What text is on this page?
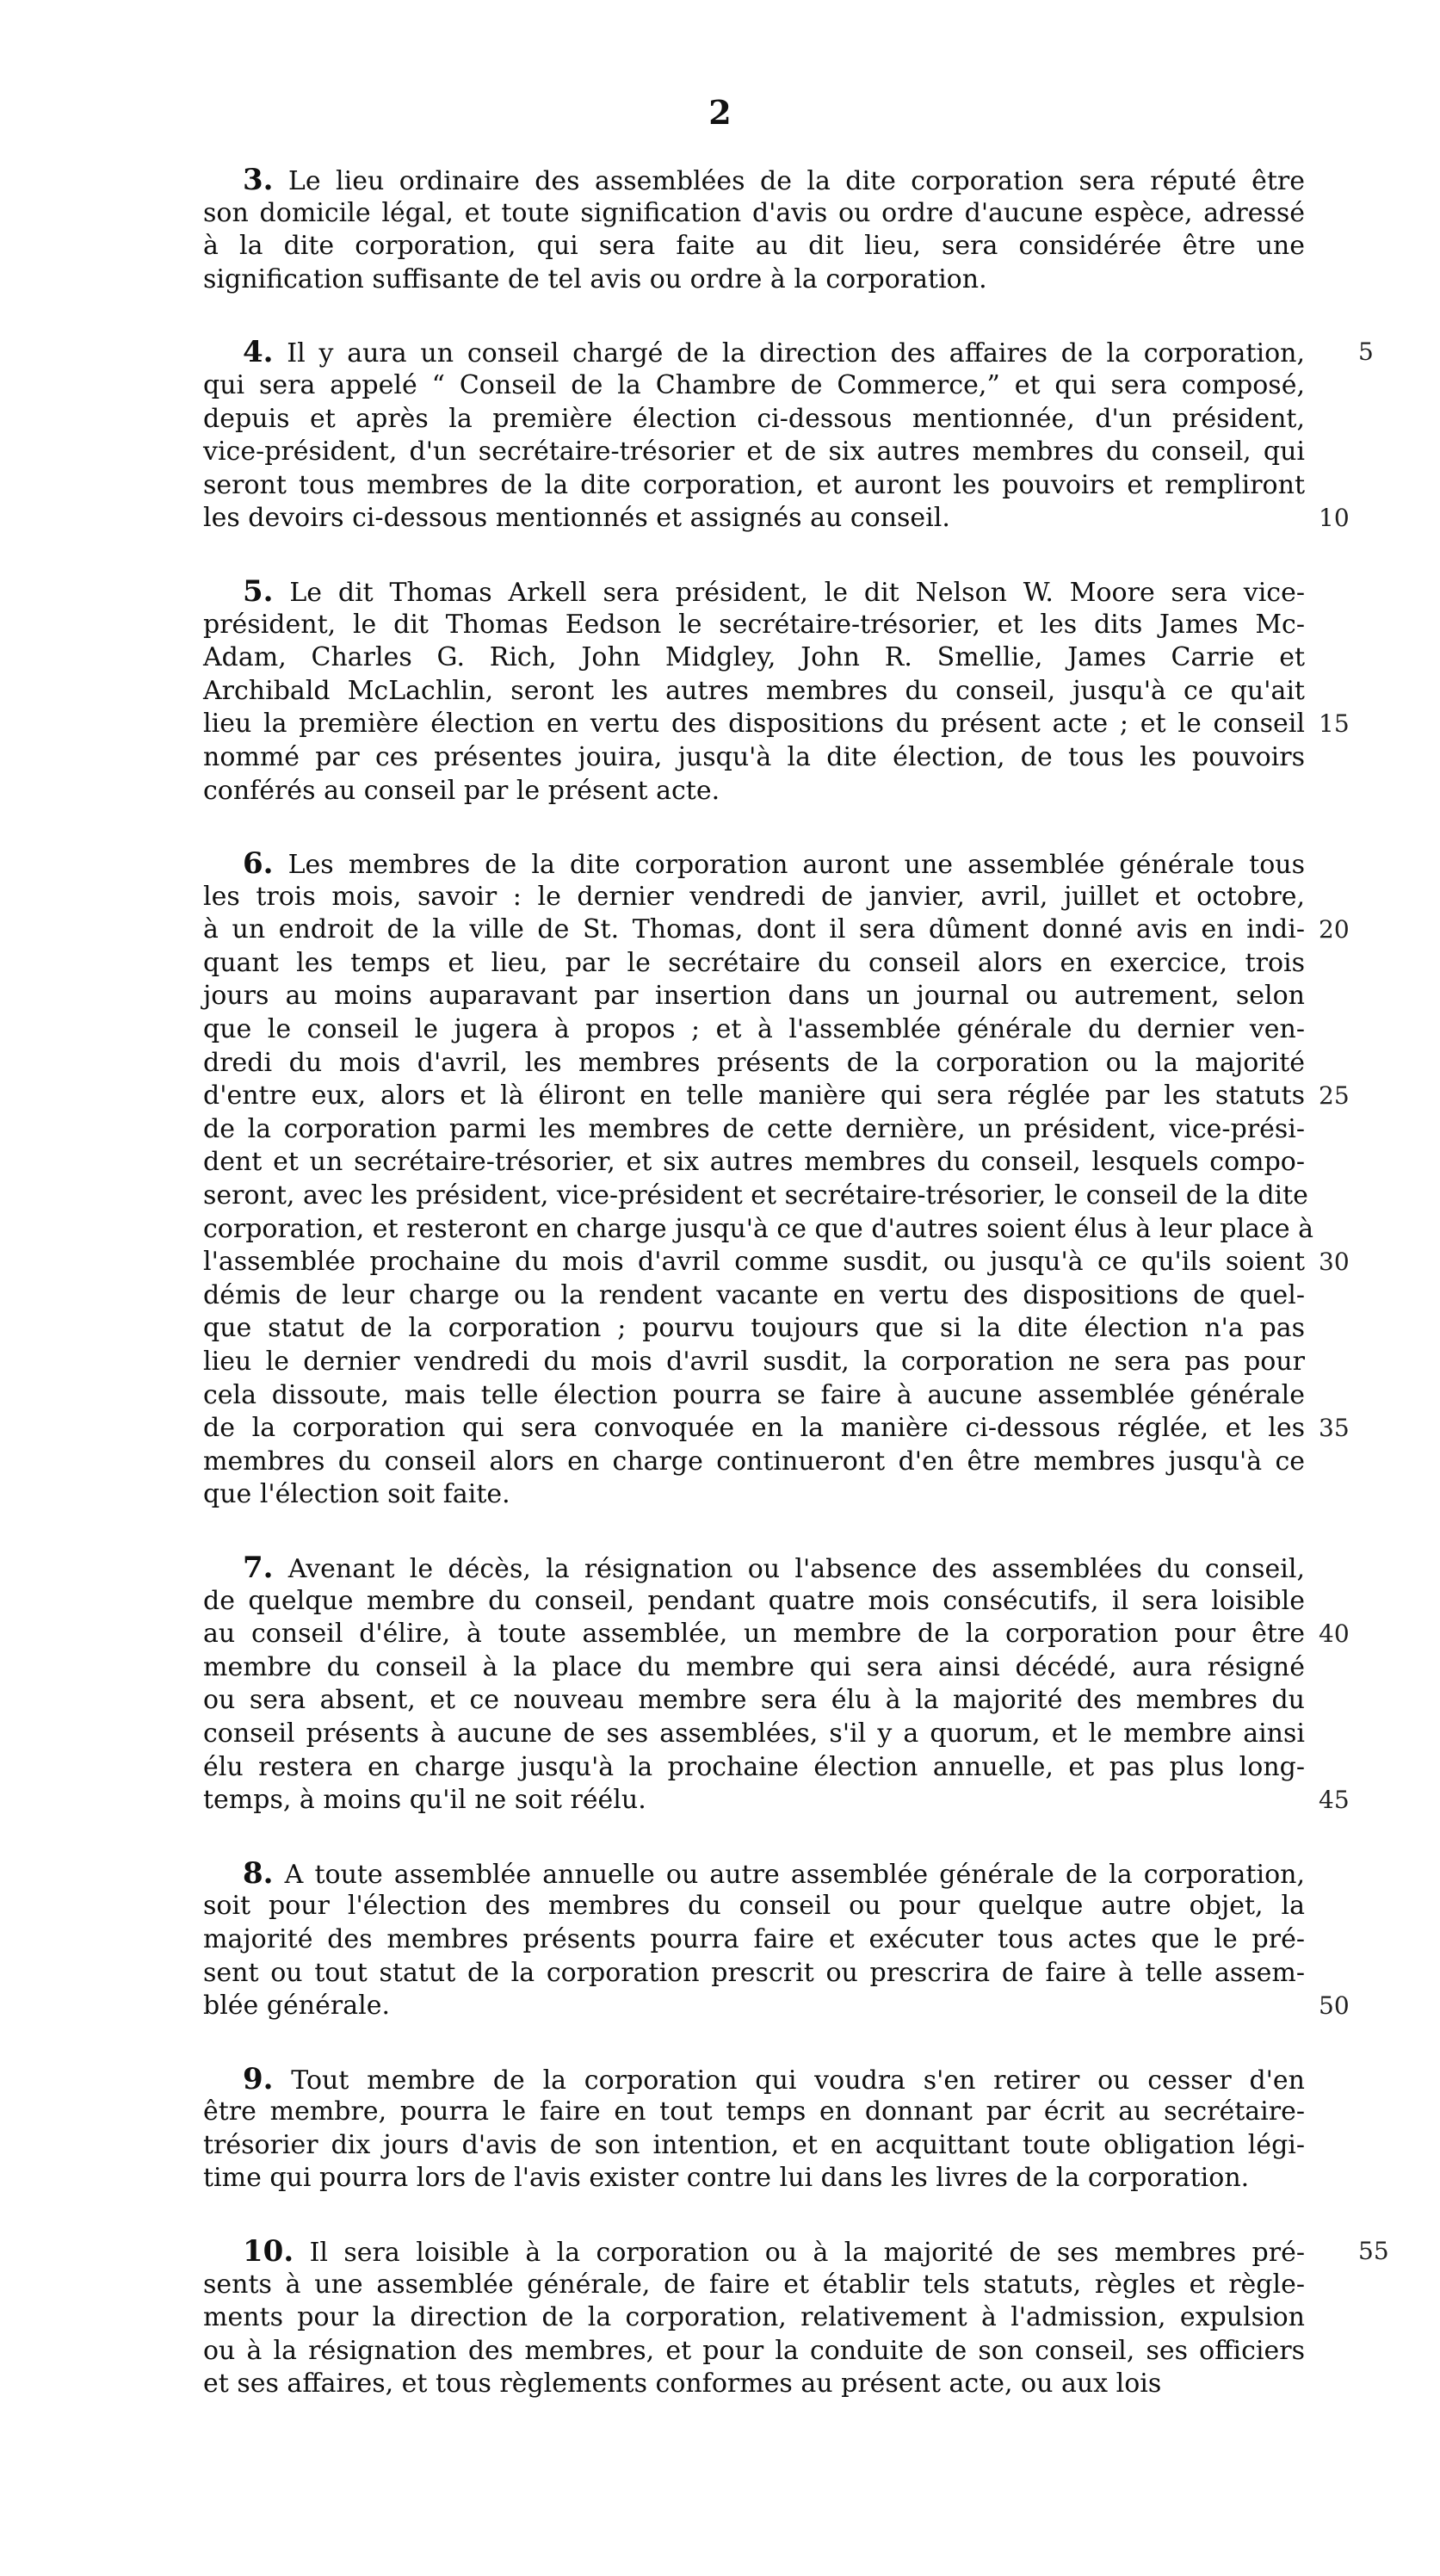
2
3. Le lieu ordinaire des assemblées de la dite corporation sera réputé être
son domicile légal, et toute signification d'avis ou ordre d'aucune espèce, adressé
à la dite corporation, qui sera faite au dit lieu, sera considérée être une
signification suffisante de tel avis ou ordre à la corporation.
4. Il y aura un conseil chargé de la direction des affaires de la corporation,	5
qui sera appelé “ Conseil de la Chambre de Commerce,” et qui sera composé,
depuis et après la première élection ci-dessous mentionnée, d'un président,
vice-président, d'un secrétaire-trésorier et de six autres membres du conseil, qui
seront tous membres de la dite corporation, et auront les pouvoirs et rempliront
les devoirs ci-dessous mentionnés et assignés au conseil.	10
5. Le dit Thomas Arkell sera président, le dit Nelson W. Moore sera vice-
président, le dit Thomas Eedson le secrétaire-trésorier, et les dits James Mc-
Adam, Charles G. Rich, John Midgley, John R. Smellie, James Carrie et
Archibald McLachlin, seront les autres membres du conseil, jusqu'à ce qu'ait
lieu la première élection en vertu des dispositions du présent acte ; et le conseil 15
nommé par ces présentes jouira, jusqu'à la dite élection, de tous les pouvoirs
conférés au conseil par le présent acte.
6. Les membres de la dite corporation auront une assemblée générale tous
les trois mois, savoir : le dernier vendredi de janvier, avril, juillet et octobre,
à un endroit de la ville de St. Thomas, dont il sera dûment donné avis en indi- 20
quant les temps et lieu, par le secrétaire du conseil alors en exercice, trois
jours au moins auparavant par insertion dans un journal ou autrement, selon
que le conseil le jugera à propos ; et à l'assemblée générale du dernier ven-
dredi du mois d'avril, les membres présents de la corporation ou la majorité
d'entre eux, alors et là éliront en telle manière qui sera réglée par les statuts 25
de la corporation parmi les membres de cette dernière, un président, vice-prési-
dent et un secrétaire-trésorier, et six autres membres du conseil, lesquels compo-
seront, avec les président, vice-président et secrétaire-trésorier, le conseil de la dite
corporation, et resteront en charge jusqu'à ce que d'autres soient élus à leur place à
l'assemblée prochaine du mois d'avril comme susdit, ou jusqu'à ce qu'ils soient 30
démis de leur charge ou la rendent vacante en vertu des dispositions de quel-
que statut de la corporation ; pourvu toujours que si la dite élection n'a pas
lieu le dernier vendredi du mois d'avril susdit, la corporation ne sera pas pour
cela dissoute, mais telle élection pourra se faire à aucune assemblée générale
de la corporation qui sera convoquée en la manière ci-dessous réglée, et les 35
membres du conseil alors en charge continueront d'en être membres jusqu'à ce
que l'élection soit faite.
7. Avenant le décès, la résignation ou l'absence des assemblées du conseil,
de quelque membre du conseil, pendant quatre mois consécutifs, il sera loisible
au conseil d'élire, à toute assemblée, un membre de la corporation pour être 40
membre du conseil à la place du membre qui sera ainsi décédé, aura résigné
ou sera absent, et ce nouveau membre sera élu à la majorité des membres du
conseil présents à aucune de ses assemblées, s'il y a quorum, et le membre ainsi
élu restera en charge jusqu'à la prochaine élection annuelle, et pas plus long-
temps, à moins qu'il ne soit réélu.	45
8. A toute assemblée annuelle ou autre assemblée générale de la corporation,
soit pour l'élection des membres du conseil ou pour quelque autre objet, la
majorité des membres présents pourra faire et exécuter tous actes que le pré-
sent ou tout statut de la corporation prescrit ou prescrira de faire à telle assem-
blée générale.	50
9. Tout membre de la corporation qui voudra s'en retirer ou cesser d'en
être membre, pourra le faire en tout temps en donnant par écrit au secrétaire-
trésorier dix jours d'avis de son intention, et en acquittant toute obligation légi-
time qui pourra lors de l'avis exister contre lui dans les livres de la corporation.
10. Il sera loisible à la corporation ou à la majorité de ses membres pré-	55
sents à une assemblée générale, de faire et établir tels statuts, règles et règle-
ments pour la direction de la corporation, relativement à l'admission, expulsion
ou à la résignation des membres, et pour la conduite de son conseil, ses officiers
et ses affaires, et tous règlements conformes au présent acte, ou aux lois
